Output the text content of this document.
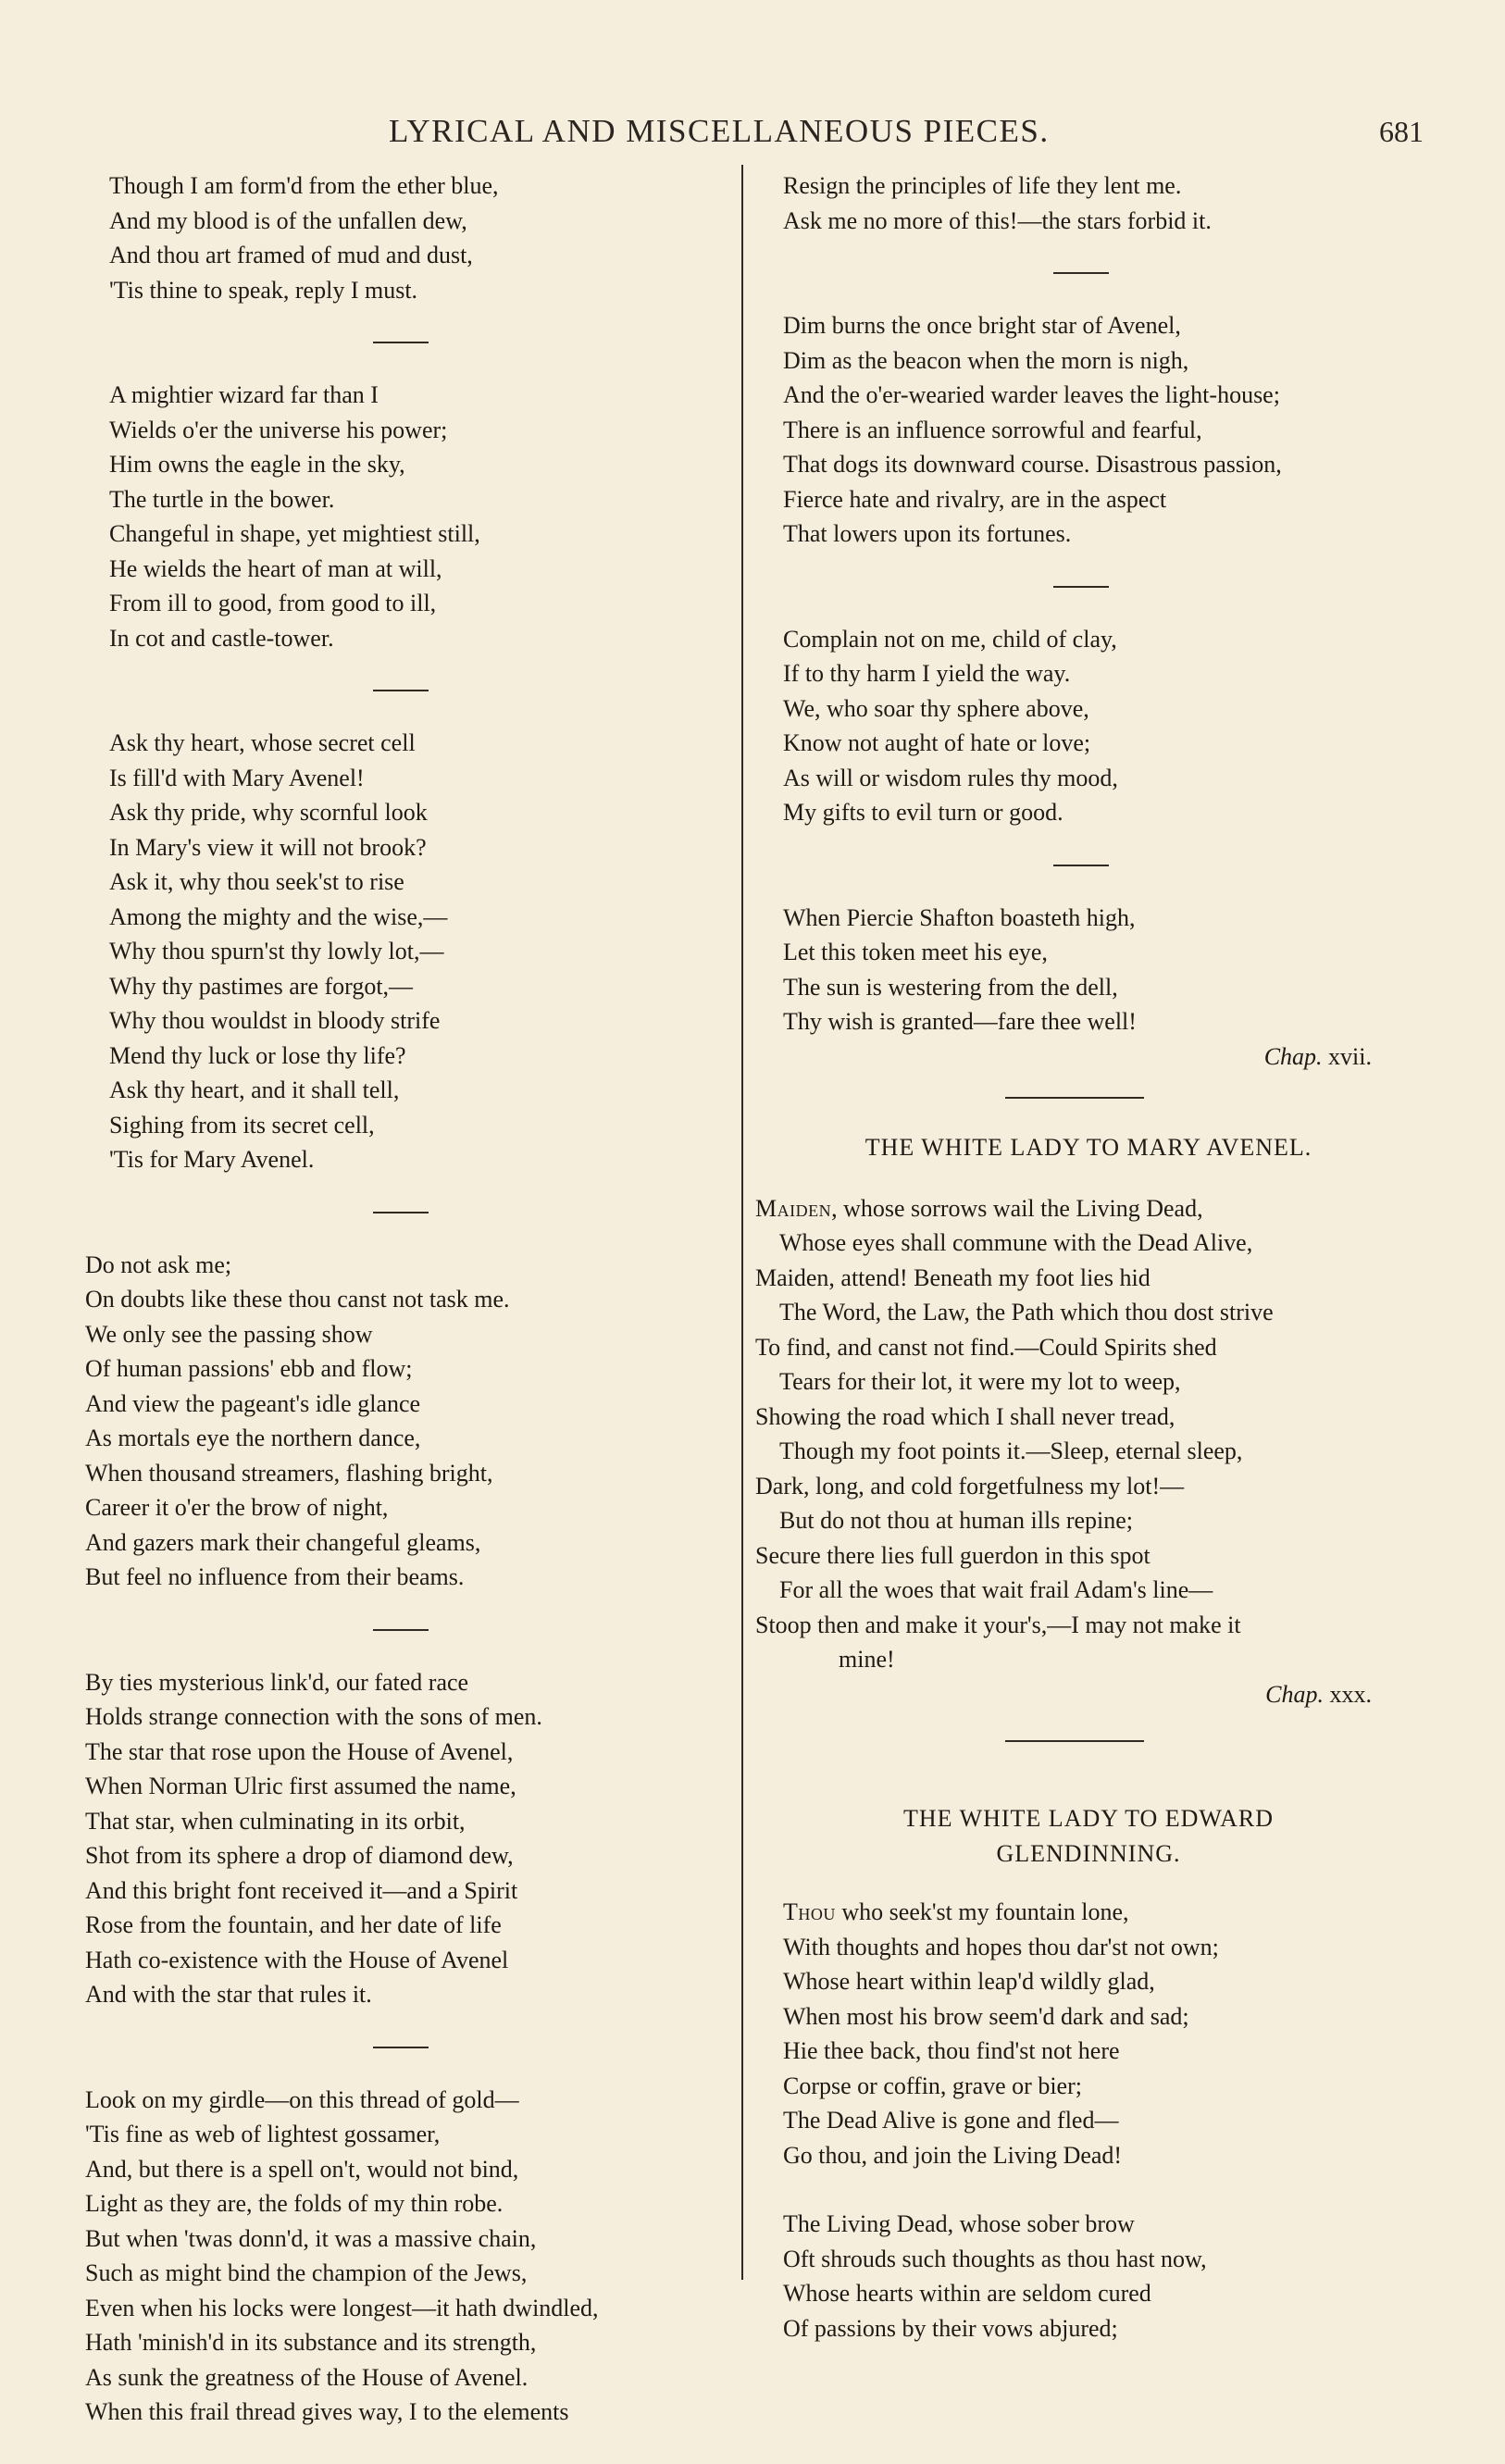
LYRICAL AND MISCELLANEOUS PIECES.	681
Though I am form'd from the ether blue,
And my blood is of the unfallen dew,
And thou art framed of mud and dust,
'Tis thine to speak, reply I must.
A mightier wizard far than I
Wields o'er the universe his power;
Him owns the eagle in the sky,
The turtle in the bower.
Changeful in shape, yet mightiest still,
He wields the heart of man at will,
From ill to good, from good to ill,
In cot and castle-tower.
Ask thy heart, whose secret cell
Is fill'd with Mary Avenel!
Ask thy pride, why scornful look
In Mary's view it will not brook?
Ask it, why thou seek'st to rise
Among the mighty and the wise,—
Why thou spurn'st thy lowly lot,—
Why thy pastimes are forgot,—
Why thou wouldst in bloody strife
Mend thy luck or lose thy life?
Ask thy heart, and it shall tell,
Sighing from its secret cell,
'Tis for Mary Avenel.
Do not ask me;
On doubts like these thou canst not task me.
We only see the passing show
Of human passions' ebb and flow;
And view the pageant's idle glance
As mortals eye the northern dance,
When thousand streamers, flashing bright,
Career it o'er the brow of night,
And gazers mark their changeful gleams,
But feel no influence from their beams.
By ties mysterious link'd, our fated race
Holds strange connection with the sons of men.
The star that rose upon the House of Avenel,
When Norman Ulric first assumed the name,
That star, when culminating in its orbit,
Shot from its sphere a drop of diamond dew,
And this bright font received it—and a Spirit
Rose from the fountain, and her date of life
Hath co-existence with the House of Avenel
And with the star that rules it.
Look on my girdle—on this thread of gold—
'Tis fine as web of lightest gossamer,
And, but there is a spell on't, would not bind,
Light as they are, the folds of my thin robe.
But when 'twas donn'd, it was a massive chain,
Such as might bind the champion of the Jews,
Even when his locks were longest—it hath dwindled,
Hath 'minish'd in its substance and its strength,
As sunk the greatness of the House of Avenel.
When this frail thread gives way, I to the elements
Resign the principles of life they lent me.
Ask me no more of this!—the stars forbid it.
Dim burns the once bright star of Avenel,
Dim as the beacon when the morn is nigh,
And the o'er-wearied warder leaves the light-house;
There is an influence sorrowful and fearful,
That dogs its downward course. Disastrous passion,
Fierce hate and rivalry, are in the aspect
That lowers upon its fortunes.
Complain not on me, child of clay,
If to thy harm I yield the way.
We, who soar thy sphere above,
Know not aught of hate or love;
As will or wisdom rules thy mood,
My gifts to evil turn or good.
When Piercie Shafton boasteth high,
Let this token meet his eye,
The sun is westering from the dell,
Thy wish is granted—fare thee well!
Chap. xvii.
THE WHITE LADY TO MARY AVENEL.
Maiden, whose sorrows wail the Living Dead,
Whose eyes shall commune with the Dead Alive,
Maiden, attend! Beneath my foot lies hid
The Word, the Law, the Path which thou dost strive
To find, and canst not find.—Could Spirits shed
Tears for their lot, it were my lot to weep,
Showing the road which I shall never tread,
Though my foot points it.—Sleep, eternal sleep,
Dark, long, and cold forgetfulness my lot!—
But do not thou at human ills repine;
Secure there lies full guerdon in this spot
For all the woes that wait frail Adam's line—
Stoop then and make it your's,—I may not make it
mine!
Chap. xxx.
THE WHITE LADY TO EDWARD
GLENDINNING.
Thou who seek'st my fountain lone,
With thoughts and hopes thou dar'st not own;
Whose heart within leap'd wildly glad,
When most his brow seem'd dark and sad;
Hie thee back, thou find'st not here
Corpse or coffin, grave or bier;
The Dead Alive is gone and fled—
Go thou, and join the Living Dead!
The Living Dead, whose sober brow
Oft shrouds such thoughts as thou hast now,
Whose hearts within are seldom cured
Of passions by their vows abjured;
